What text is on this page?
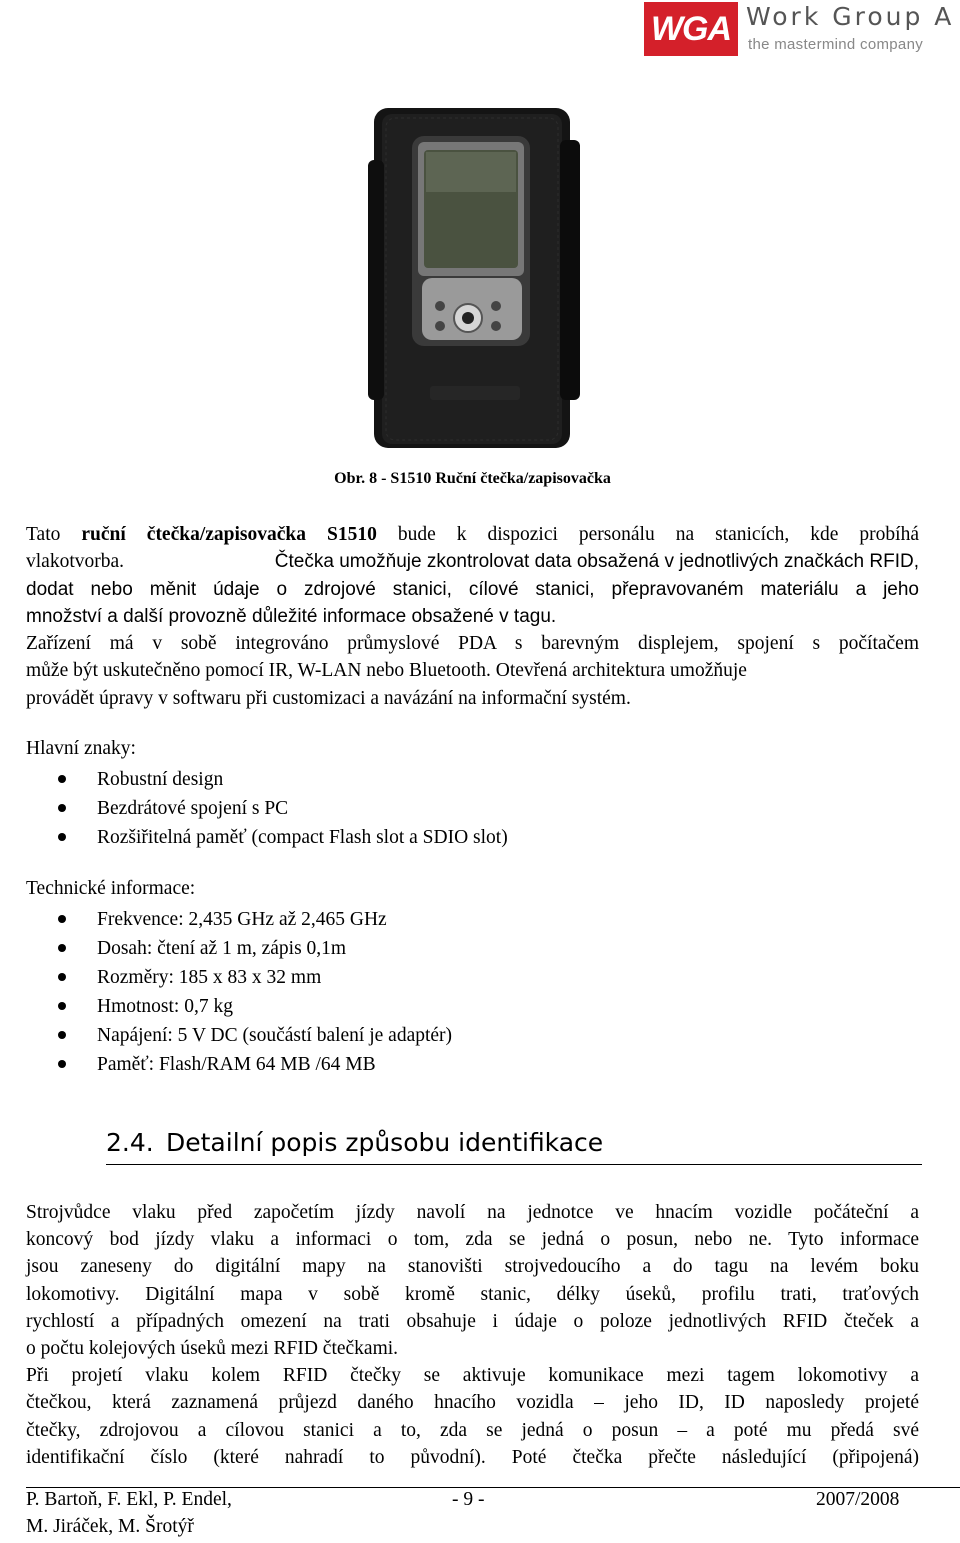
WGA Work Group A
the mastermind company
Obr. 8 - S1510 Ruční čtečka/zapisovačka
Tato ruční čtečka/zapisovačka S1510 bude k dispozici personálu na stanicích, kde probíhá
vlakotvorba.	Čtečka umožňuje zkontrolovat data obsažená v jednotlivých značkách RFID,
dodat nebo měnit údaje o zdrojové stanici, cílové stanici, přepravovaném materiálu a jeho
množství a další provozně důležité informace obsažené v tagu.
Zařízení má v sobě integrováno průmyslové PDA s barevným displejem, spojení s počítačem
může být uskutečněno pomocí IR, W-LAN nebo Bluetooth. Otevřená architektura umožňuje
provádět úpravy v softwaru při customizaci a navázání na informační systém.
Hlavní znaky:
Robustní design
Bezdrátové spojení s PC
Rozšiřitelná paměť (compact Flash slot a SDIO slot)
Technické informace:
Frekvence: 2,435 GHz až 2,465 GHz
Dosah: čtení až 1 m, zápis 0,1m
Rozměry: 185 x 83 x 32 mm
Hmotnost: 0,7 kg
Napájení: 5 V DC (součástí balení je adaptér)
Paměť: Flash/RAM 64 MB /64 MB
2.4. Detailní popis způsobu identifikace
Strojvůdce vlaku před započetím jízdy navolí na jednotce ve hnacím vozidle počáteční a
koncový bod jízdy vlaku a informaci o tom, zda se jedná o posun, nebo ne. Tyto informace
jsou zaneseny do digitální mapy na stanovišti strojvedoucího a do tagu na levém boku
lokomotivy. Digitální mapa v sobě kromě stanic, délky úseků, profilu trati, traťových
rychlostí a případných omezení na trati obsahuje i údaje o poloze jednotlivých RFID čteček a
o počtu kolejových úseků mezi RFID čtečkami.
Při projetí vlaku kolem RFID čtečky se aktivuje komunikace mezi tagem lokomotivy a
čtečkou, která zaznamená průjezd daného hnacího vozidla – jeho ID, ID naposledy projeté
čtečky, zdrojovou a cílovou stanici a to, zda se jedná o posun – a poté mu předá své
identifikační číslo (které nahradí to původní). Poté čtečka přečte následující (připojená)
P. Bartoň, F. Ekl, P. Endel,
M. Jiráček, M. Šrotýř
- 9 -	2007/2008
